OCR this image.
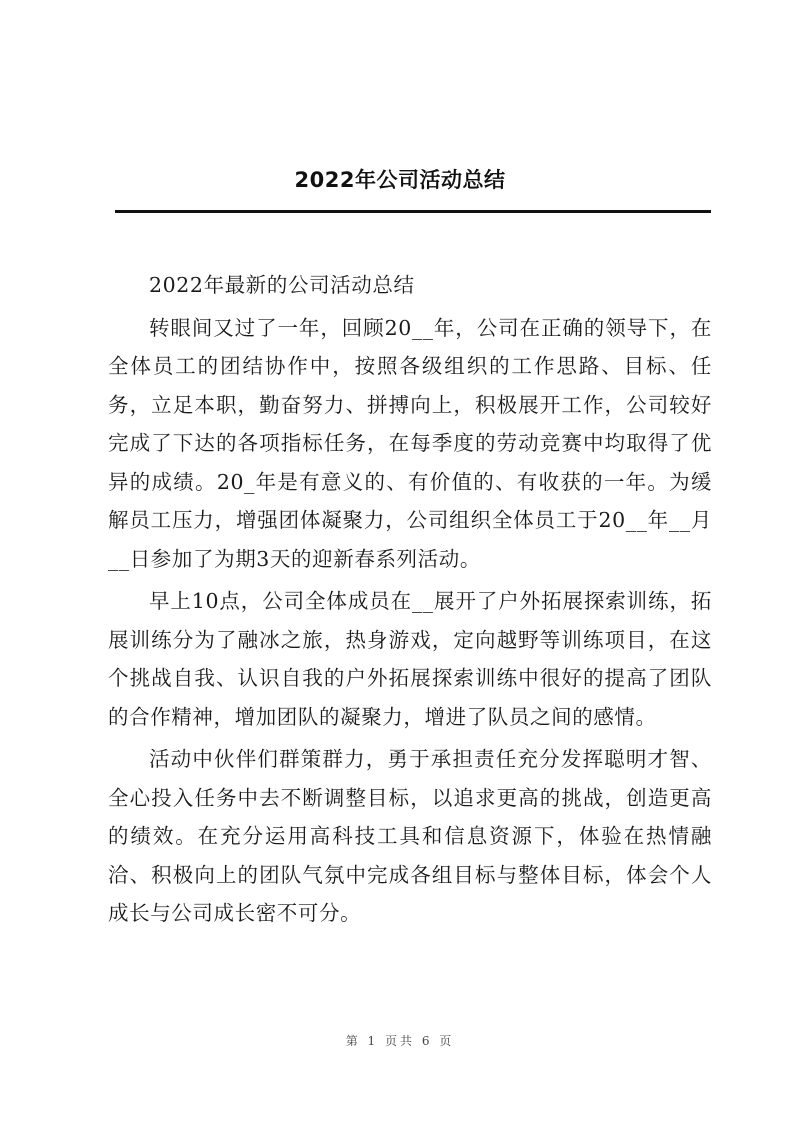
2022年公司活动总结

2022年最新的公司活动总结

转眼间又过了一年，回顾20__年，公司在正确的领导下，在全体员工的团结协作中，按照各级组织的工作思路、目标、任务，立足本职，勤奋努力、拼搏向上，积极展开工作，公司较好完成了下达的各项指标任务，在每季度的劳动竞赛中均取得了优异的成绩。20_年是有意义的、有价值的、有收获的一年。为缓解员工压力，增强团体凝聚力，公司组织全体员工于20__年__月__日参加了为期3天的迎新春系列活动。

早上10点，公司全体成员在__展开了户外拓展探索训练，拓展训练分为了融冰之旅，热身游戏，定向越野等训练项目，在这个挑战自我、认识自我的户外拓展探索训练中很好的提高了团队的合作精神，增加团队的凝聚力，增进了队员之间的感情。

活动中伙伴们群策群力，勇于承担责任充分发挥聪明才智、全心投入任务中去不断调整目标，以追求更高的挑战，创造更高的绩效。在充分运用高科技工具和信息资源下，体验在热情融洽、积极向上的团队气氛中完成各组目标与整体目标，体会个人成长与公司成长密不可分。

第 1 页共 6 页
